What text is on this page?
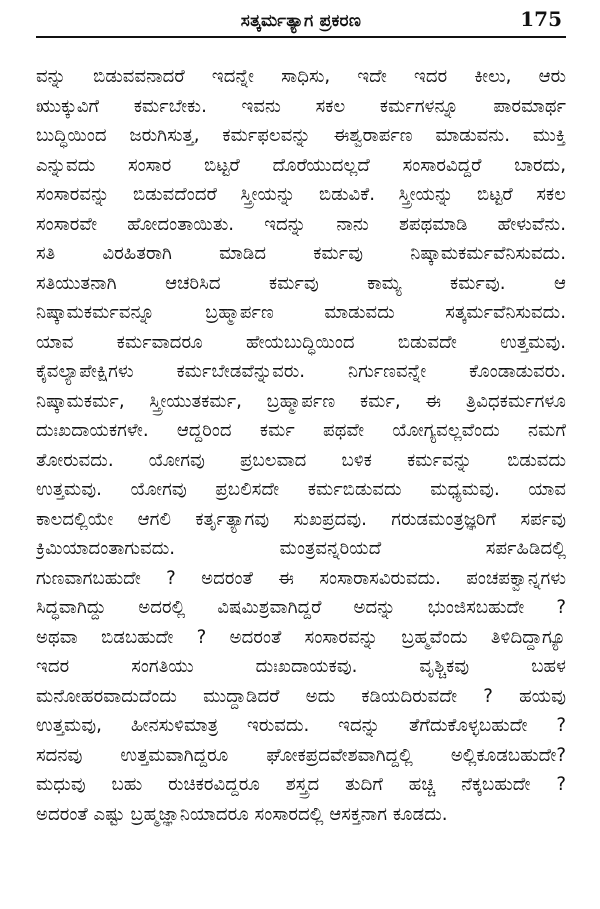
ಸತ್ಕರ್ಮತ್ಯಾಗ ಪ್ರಕರಣ	175
ವನ್ನು ಬಿಡುವವನಾದರೆ ಇದನ್ನೇ ಸಾಧಿಸು, ಇದೇ ಇದರ ಕೀಲು, ಆರು
ಋುಕ್ಕುವಿಗೆ ಕರ್ಮಬೇಕು. ಇವನು ಸಕಲ ಕರ್ಮಗಳನ್ನೂ ಪಾರಮಾರ್ಥ
ಬುದ್ಧಿಯಿಂದ ಜರುಗಿಸುತ್ತ, ಕರ್ಮಫಲವನ್ನು ಈಶ್ವರಾರ್ಪಣ ಮಾಡುವನು. ಮುಕ್ತಿ
ಎನ್ನುವದು ಸಂಸಾರ ಬಿಟ್ಟರೆ ದೊರೆಯುದಲ್ಲದೆ ಸಂಸಾರವಿದ್ದರೆ ಬಾರದು,
ಸಂಸಾರವನ್ನು ಬಿಡುವದೆಂದರೆ ಸ್ತ್ರೀಯನ್ನು ಬಿಡುವಿಕೆ. ಸ್ತ್ರೀಯನ್ನು ಬಿಟ್ಟರೆ ಸಕಲ
ಸಂಸಾರವೇ ಹೋದಂತಾಯಿತು. ಇದನ್ನು ನಾನು ಶಪಥಮಾಡಿ ಹೇಳುವೆನು.
ಸತಿ ವಿರಹಿತರಾಗಿ ಮಾಡಿದ ಕರ್ಮವು ನಿಷ್ಕಾಮಕರ್ಮವೆನಿಸುವದು.
ಸತಿಯುತನಾಗಿ ಆಚರಿಸಿದ ಕರ್ಮವು ಕಾಮ್ಯ ಕರ್ಮವು. ಆ
ನಿಷ್ಕಾಮಕರ್ಮವನ್ನೂ ಬ್ರಹ್ಮಾರ್ಪಣ ಮಾಡುವದು ಸತ್ಕರ್ಮವೆನಿಸುವದು.
ಯಾವ ಕರ್ಮವಾದರೂ ಹೇಯಬುದ್ಧಿಯಿಂದ ಬಿಡುವದೇ ಉತ್ತಮವು.
ಕೈವಲ್ಯಾಪೇಕ್ಷಿಗಳು ಕರ್ಮಬೇಡವೆನ್ನುವರು. ನಿರ್ಗುಣವನ್ನೇ ಕೊಂಡಾಡುವರು.
ನಿಷ್ಕಾಮಕರ್ಮ, ಸ್ತ್ರೀಯುತಕರ್ಮ, ಬ್ರಹ್ಮಾರ್ಪಣ ಕರ್ಮ, ಈ ತ್ರಿವಿಧಕರ್ಮಗಳೂ
ದುಃಖದಾಯಕಗಳೇ. ಆದ್ದರಿಂದ ಕರ್ಮ ಪಥವೇ ಯೋಗ್ಯವಲ್ಲವೆಂದು ನಮಗೆ
ತೋರುವದು. ಯೋಗವು ಪ್ರಬಲವಾದ ಬಳಿಕ ಕರ್ಮವನ್ನು ಬಿಡುವದು
ಉತ್ತಮವು. ಯೋಗವು ಪ್ರಬಲಿಸದೇ ಕರ್ಮಬಿಡುವದು ಮಧ್ಯಮವು. ಯಾವ
ಕಾಲದಲ್ಲಿಯೇ ಆಗಲಿ ಕರ್ತೃತ್ಯಾಗವು ಸುಖಪ್ರದವು. ಗರುಡಮಂತ್ರಜ್ಞರಿಗೆ ಸರ್ಪವು
ಕ್ರಿಮಿಯಾದಂತಾಗುವದು. ಮಂತ್ರವನ್ನರಿಯದೆ ಸರ್ಪಹಿಡಿದಲ್ಲಿ
ಗುಣವಾಗಬಹುದೇ ? ಅದರಂತೆ ಈ ಸಂಸಾರಾಸವಿರುವದು. ಪಂಚಪಕ್ವಾನ್ನಗಳು
ಸಿದ್ಧವಾಗಿದ್ದು ಅದರಲ್ಲಿ ವಿಷಮಿಶ್ರವಾಗಿದ್ದರೆ ಅದನ್ನು ಭುಂಜಿಸಬಹುದೇ ?
ಅಥವಾ ಬಿಡಬಹುದೇ ? ಅದರಂತೆ ಸಂಸಾರವನ್ನು ಬ್ರಹ್ಮವೆಂದು ತಿಳಿದಿದ್ದಾಗ್ಯೂ
ಇದರ ಸಂಗತಿಯು ದುಃಖದಾಯಕವು. ವೃಶ್ಚಿಕವು ಬಹಳ
ಮನೋಹರವಾದುದೆಂದು ಮುದ್ದಾಡಿದರೆ ಅದು ಕಡಿಯದಿರುವದೇ ? ಹಯವು
ಉತ್ತಮವು, ಹೀನಸುಳಿಮಾತ್ರ ಇರುವದು. ಇದನ್ನು ತೆಗೆದುಕೊಳ್ಳಬಹುದೇ ?
ಸದನವು ಉತ್ತಮವಾಗಿದ್ದರೂ ಘೋಕಪ್ರದವೇಶವಾಗಿದ್ದಲ್ಲಿ ಅಲ್ಲಿಕೂಡಬಹುದೇ?
ಮಧುವು ಬಹು ರುಚಿಕರವಿದ್ದರೂ ಶಸ್ತ್ರದ ತುದಿಗೆ ಹಚ್ಚಿ ನೆಕ್ಕಬಹುದೇ ?
ಅದರಂತೆ ಎಷ್ಟು ಬ್ರಹ್ಮಜ್ಞಾನಿಯಾದರೂ ಸಂಸಾರದಲ್ಲಿ ಆಸಕ್ತನಾಗ ಕೂಡದು.
